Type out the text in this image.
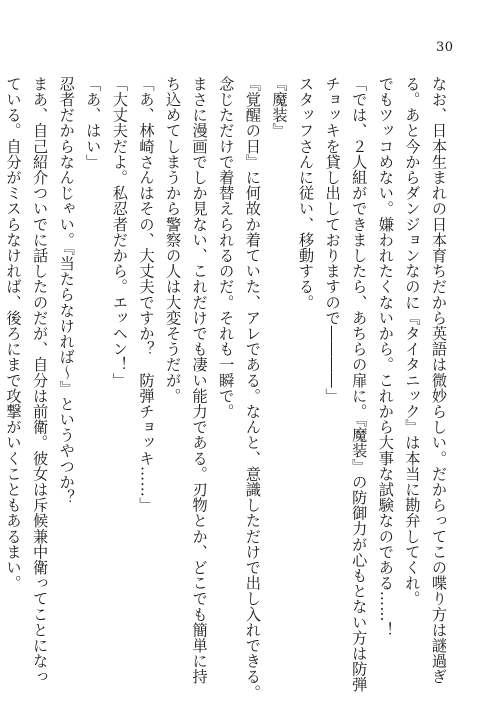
30

なお、日本生まれの日本育ちだから英語は微妙らしい。だからってこの喋り方は謎過ぎ

る。あと今からダンジョンなのに『タイタニック』は本当に勘弁してくれ。

でもツッコめない。嫌われたくないから。これから大事な試験なのである……！

「では、２人組ができましたら、あちらの扉に。『魔装』の防御力が心もとない方は防弾

チョッキを貸し出しておりますので――――」

スタッフさんに従い、移動する。

『魔装』

『覚醒の日』に何故か着ていた、アレである。なんと、意識しただけで出し入れできる。

念じただけで着替えられるのだ。それも一瞬で。

まさに漫画でしか見ない、これだけでも凄い能力である。刃物とか、どこでも簡単に持

ち込めてしまうから警察の人は大変そうだが。

「あ、林崎さんはその、大丈夫ですか？　防弾チョッキ……」

「大丈夫だよ。私忍者だから。エッヘン！」

「あ、はい」

忍者だからなんじゃい。『当たらなければ～』というやつか？

まあ、自己紹介ついでに話したのだが、自分は前衛。彼女は斥候兼中衛ってことになっ

ている。自分がミスらなければ、後ろにまで攻撃がいくこともあるまい。
